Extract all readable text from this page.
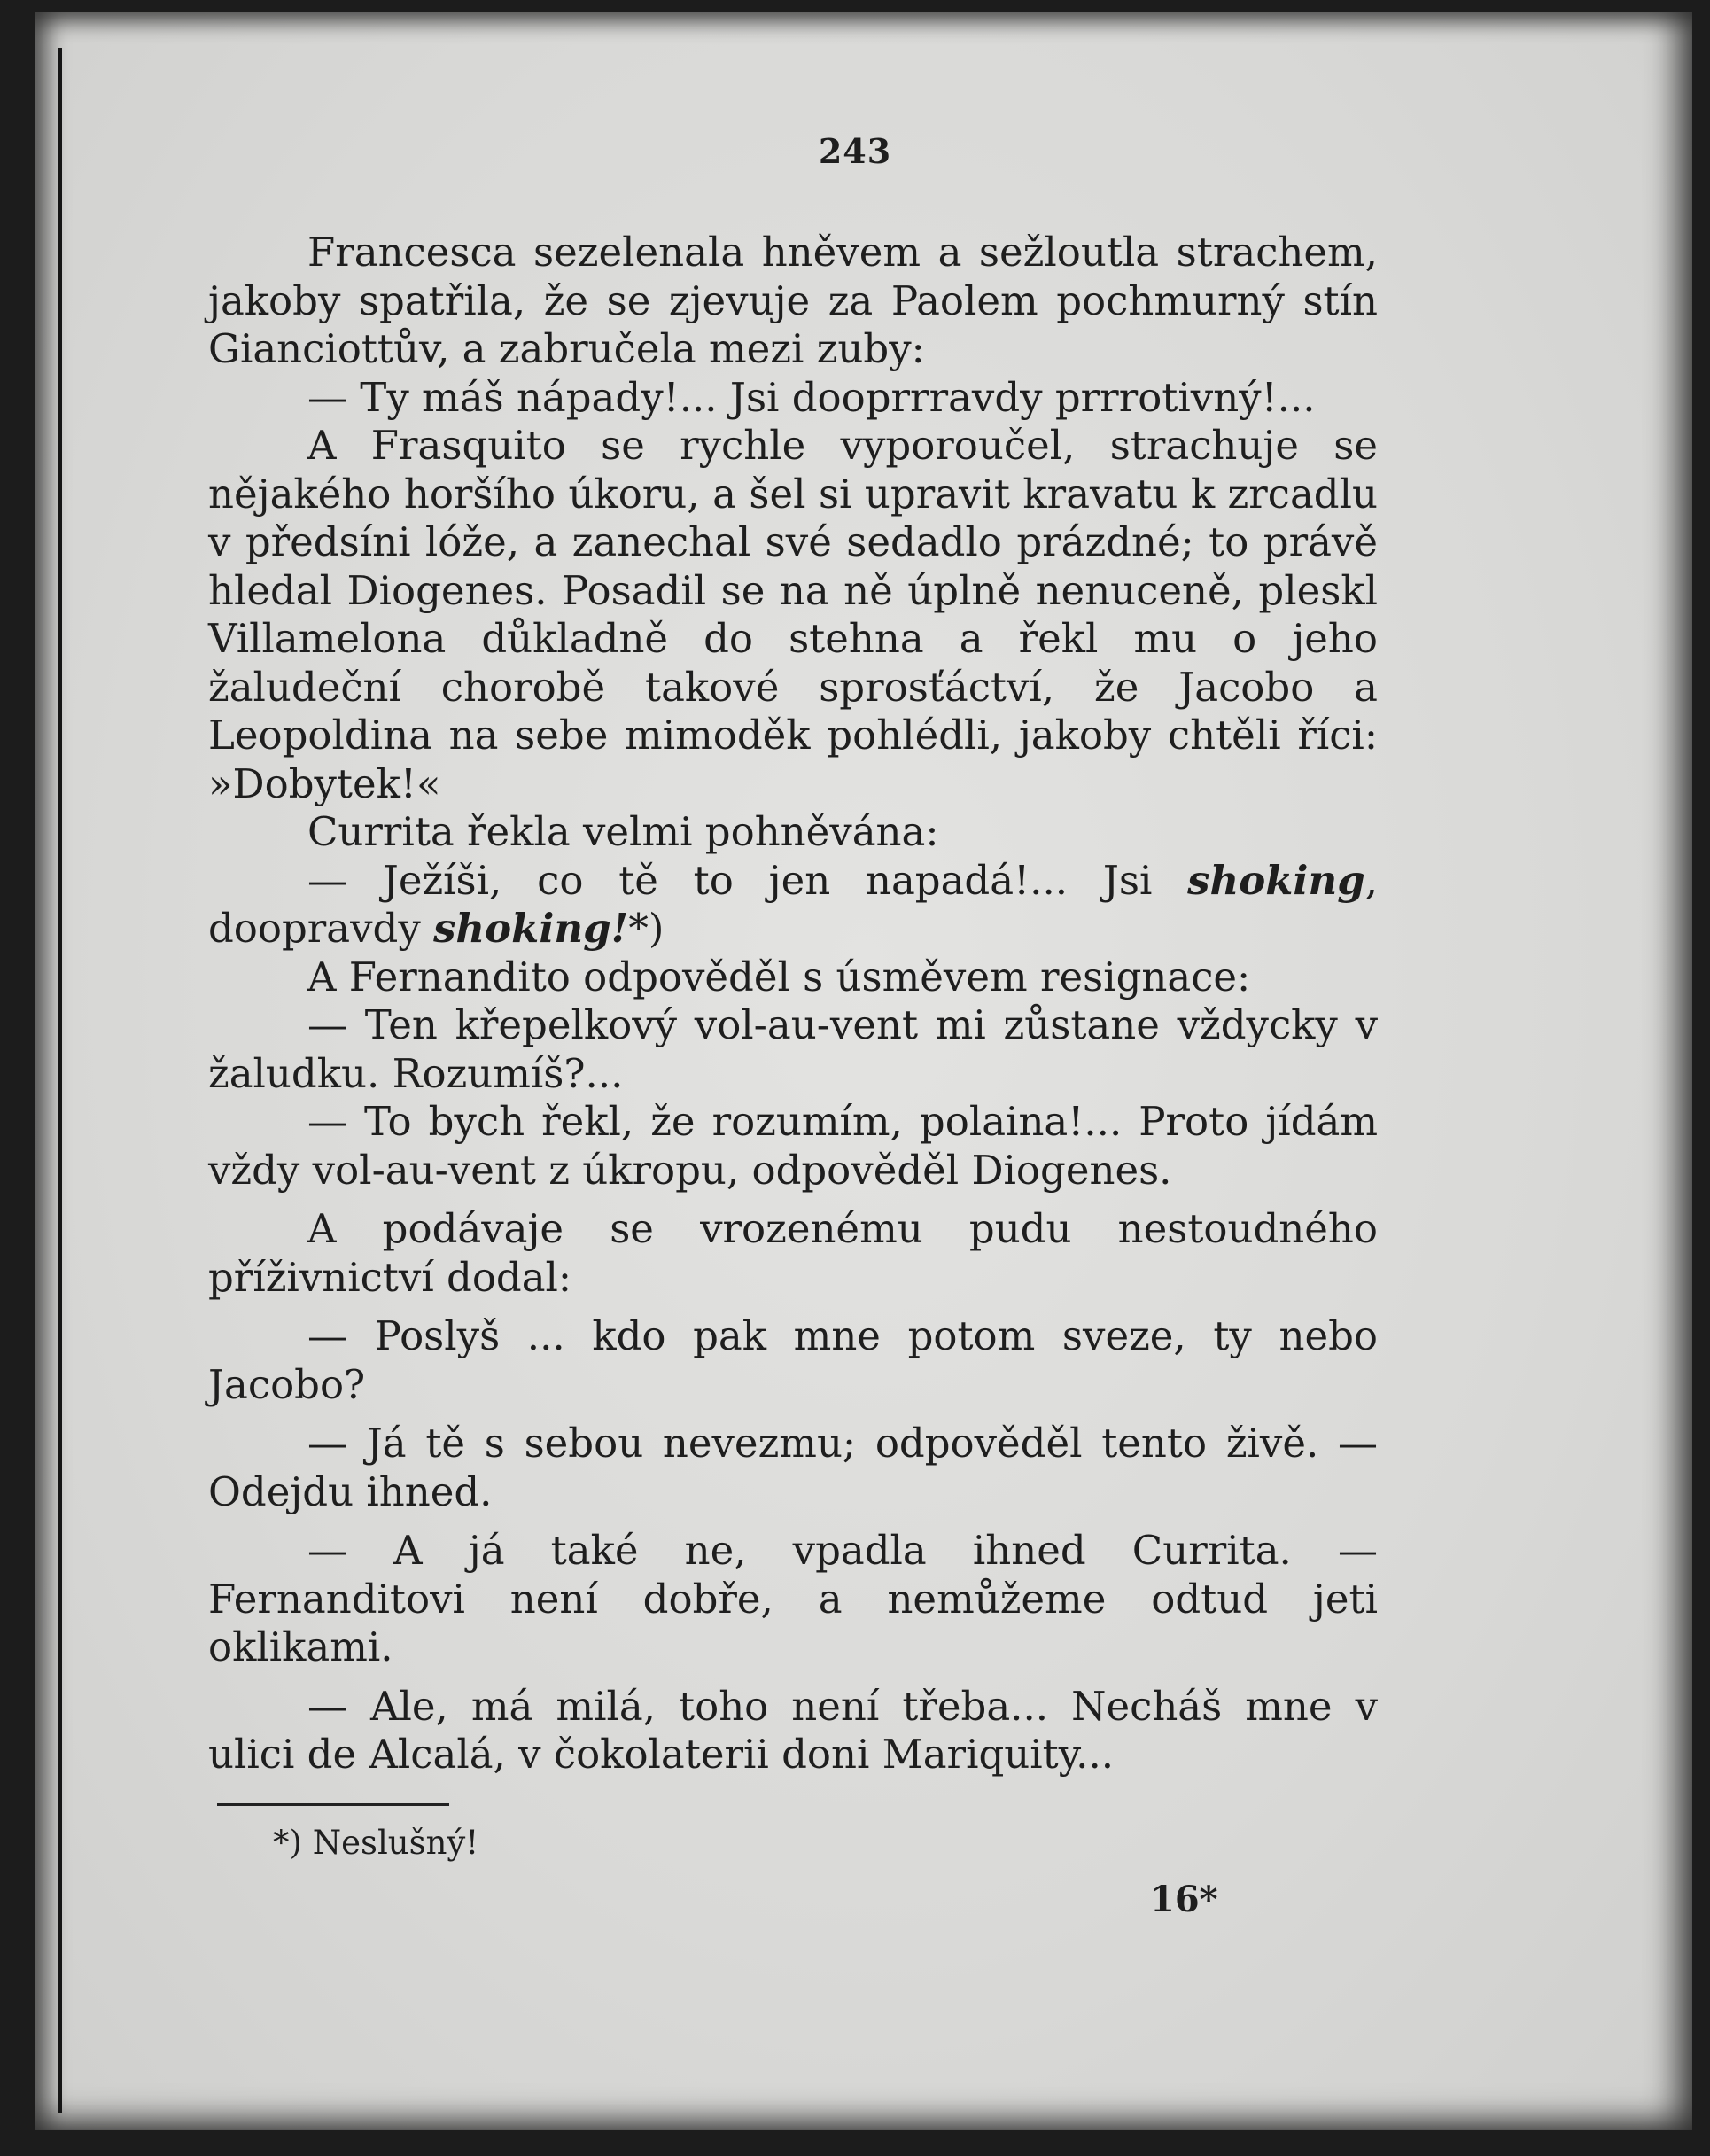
243

Francesca sezelenala hněvem a sežloutla strachem, jakoby spatřila, že se zjevuje za Paolem pochmurný stín Gianciottův, a zabručela mezi zuby:

— Ty máš nápady!... Jsi dooprrravdy prrrotivný!...

A Frasquito se rychle vyporoučel, strachuje se nějakého horšího úkoru, a šel si upravit kravatu k zrcadlu v předsíni lóže, a zanechal své sedadlo prázdné; to právě hledal Diogenes. Posadil se na ně úplně nenuceně, pleskl Villamelona důkladně do stehna a řekl mu o jeho žaludeční chorobě takové sprosťáctví, že Jacobo a Leopoldina na sebe mimoděk pohlédli, jakoby chtěli říci: »Dobytek!«

Currita řekla velmi pohněvána:

— Ježíši, co tě to jen napadá!... Jsi shoking, doopravdy shoking!*)

A Fernandito odpověděl s úsměvem resignace:

— Ten křepelkový vol-au-vent mi zůstane vždycky v žaludku. Rozumíš?...

— To bych řekl, že rozumím, polaina!... Proto jídám vždy vol-au-vent z úkropu, odpověděl Diogenes.

A podávaje se vrozenému pudu nestoudného příživnictví dodal:

— Poslyš ... kdo pak mne potom sveze, ty nebo Jacobo?

— Já tě s sebou nevezmu; odpověděl tento živě. — Odejdu ihned.

— A já také ne, vpadla ihned Currita. — Fernanditovi není dobře, a nemůžeme odtud jeti oklikami.

— Ale, má milá, toho není třeba... Necháš mne v ulici de Alcalá, v čokolaterii doni Mariquity...

*) Neslušný!
16*
